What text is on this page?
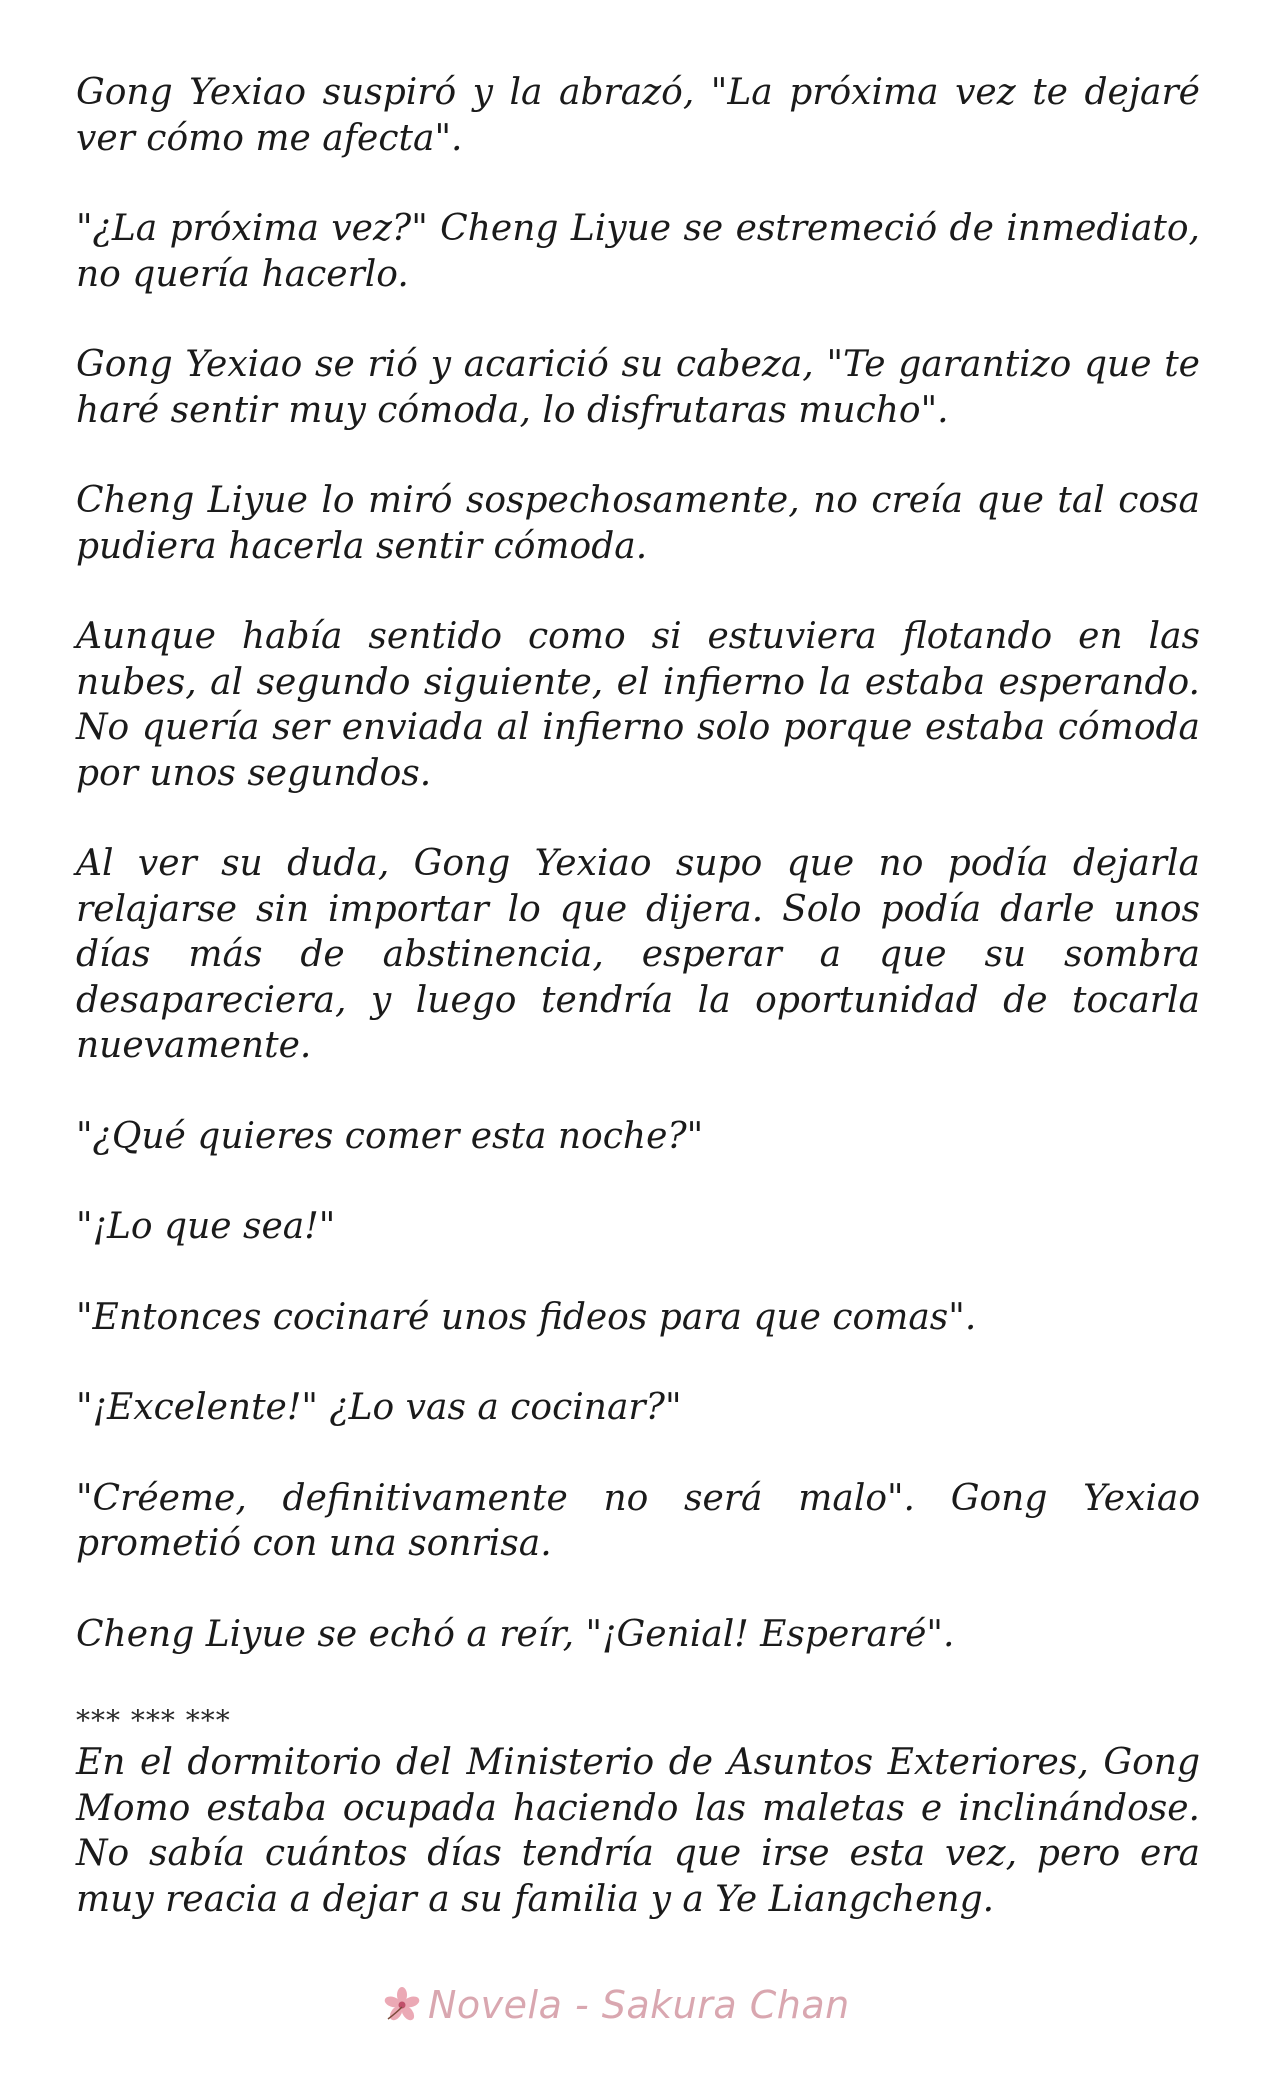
Gong Yexiao suspiró y la abrazó, "La próxima vez te dejaré ver cómo me afecta".

"¿La próxima vez?" Cheng Liyue se estremeció de inmediato, no quería hacerlo.

Gong Yexiao se rió y acarició su cabeza, "Te garantizo que te haré sentir muy cómoda, lo disfrutaras mucho".

Cheng Liyue lo miró sospechosamente, no creía que tal cosa pudiera hacerla sentir cómoda.

Aunque había sentido como si estuviera flotando en las nubes, al segundo siguiente, el infierno la estaba esperando. No quería ser enviada al infierno solo porque estaba cómoda por unos segundos.

Al ver su duda, Gong Yexiao supo que no podía dejarla relajarse sin importar lo que dijera. Solo podía darle unos días más de abstinencia, esperar a que su sombra desapareciera, y luego tendría la oportunidad de tocarla nuevamente.

"¿Qué quieres comer esta noche?"

"¡Lo que sea!"

"Entonces cocinaré unos fideos para que comas".

"¡Excelente!" ¿Lo vas a cocinar?"

"Créeme, definitivamente no será malo". Gong Yexiao prometió con una sonrisa.

Cheng Liyue se echó a reír, "¡Genial! Esperaré".

*** *** ***

En el dormitorio del Ministerio de Asuntos Exteriores, Gong Momo estaba ocupada haciendo las maletas e inclinándose. No sabía cuántos días tendría que irse esta vez, pero era muy reacia a dejar a su familia y a Ye Liangcheng.

Novela - Sakura Chan
